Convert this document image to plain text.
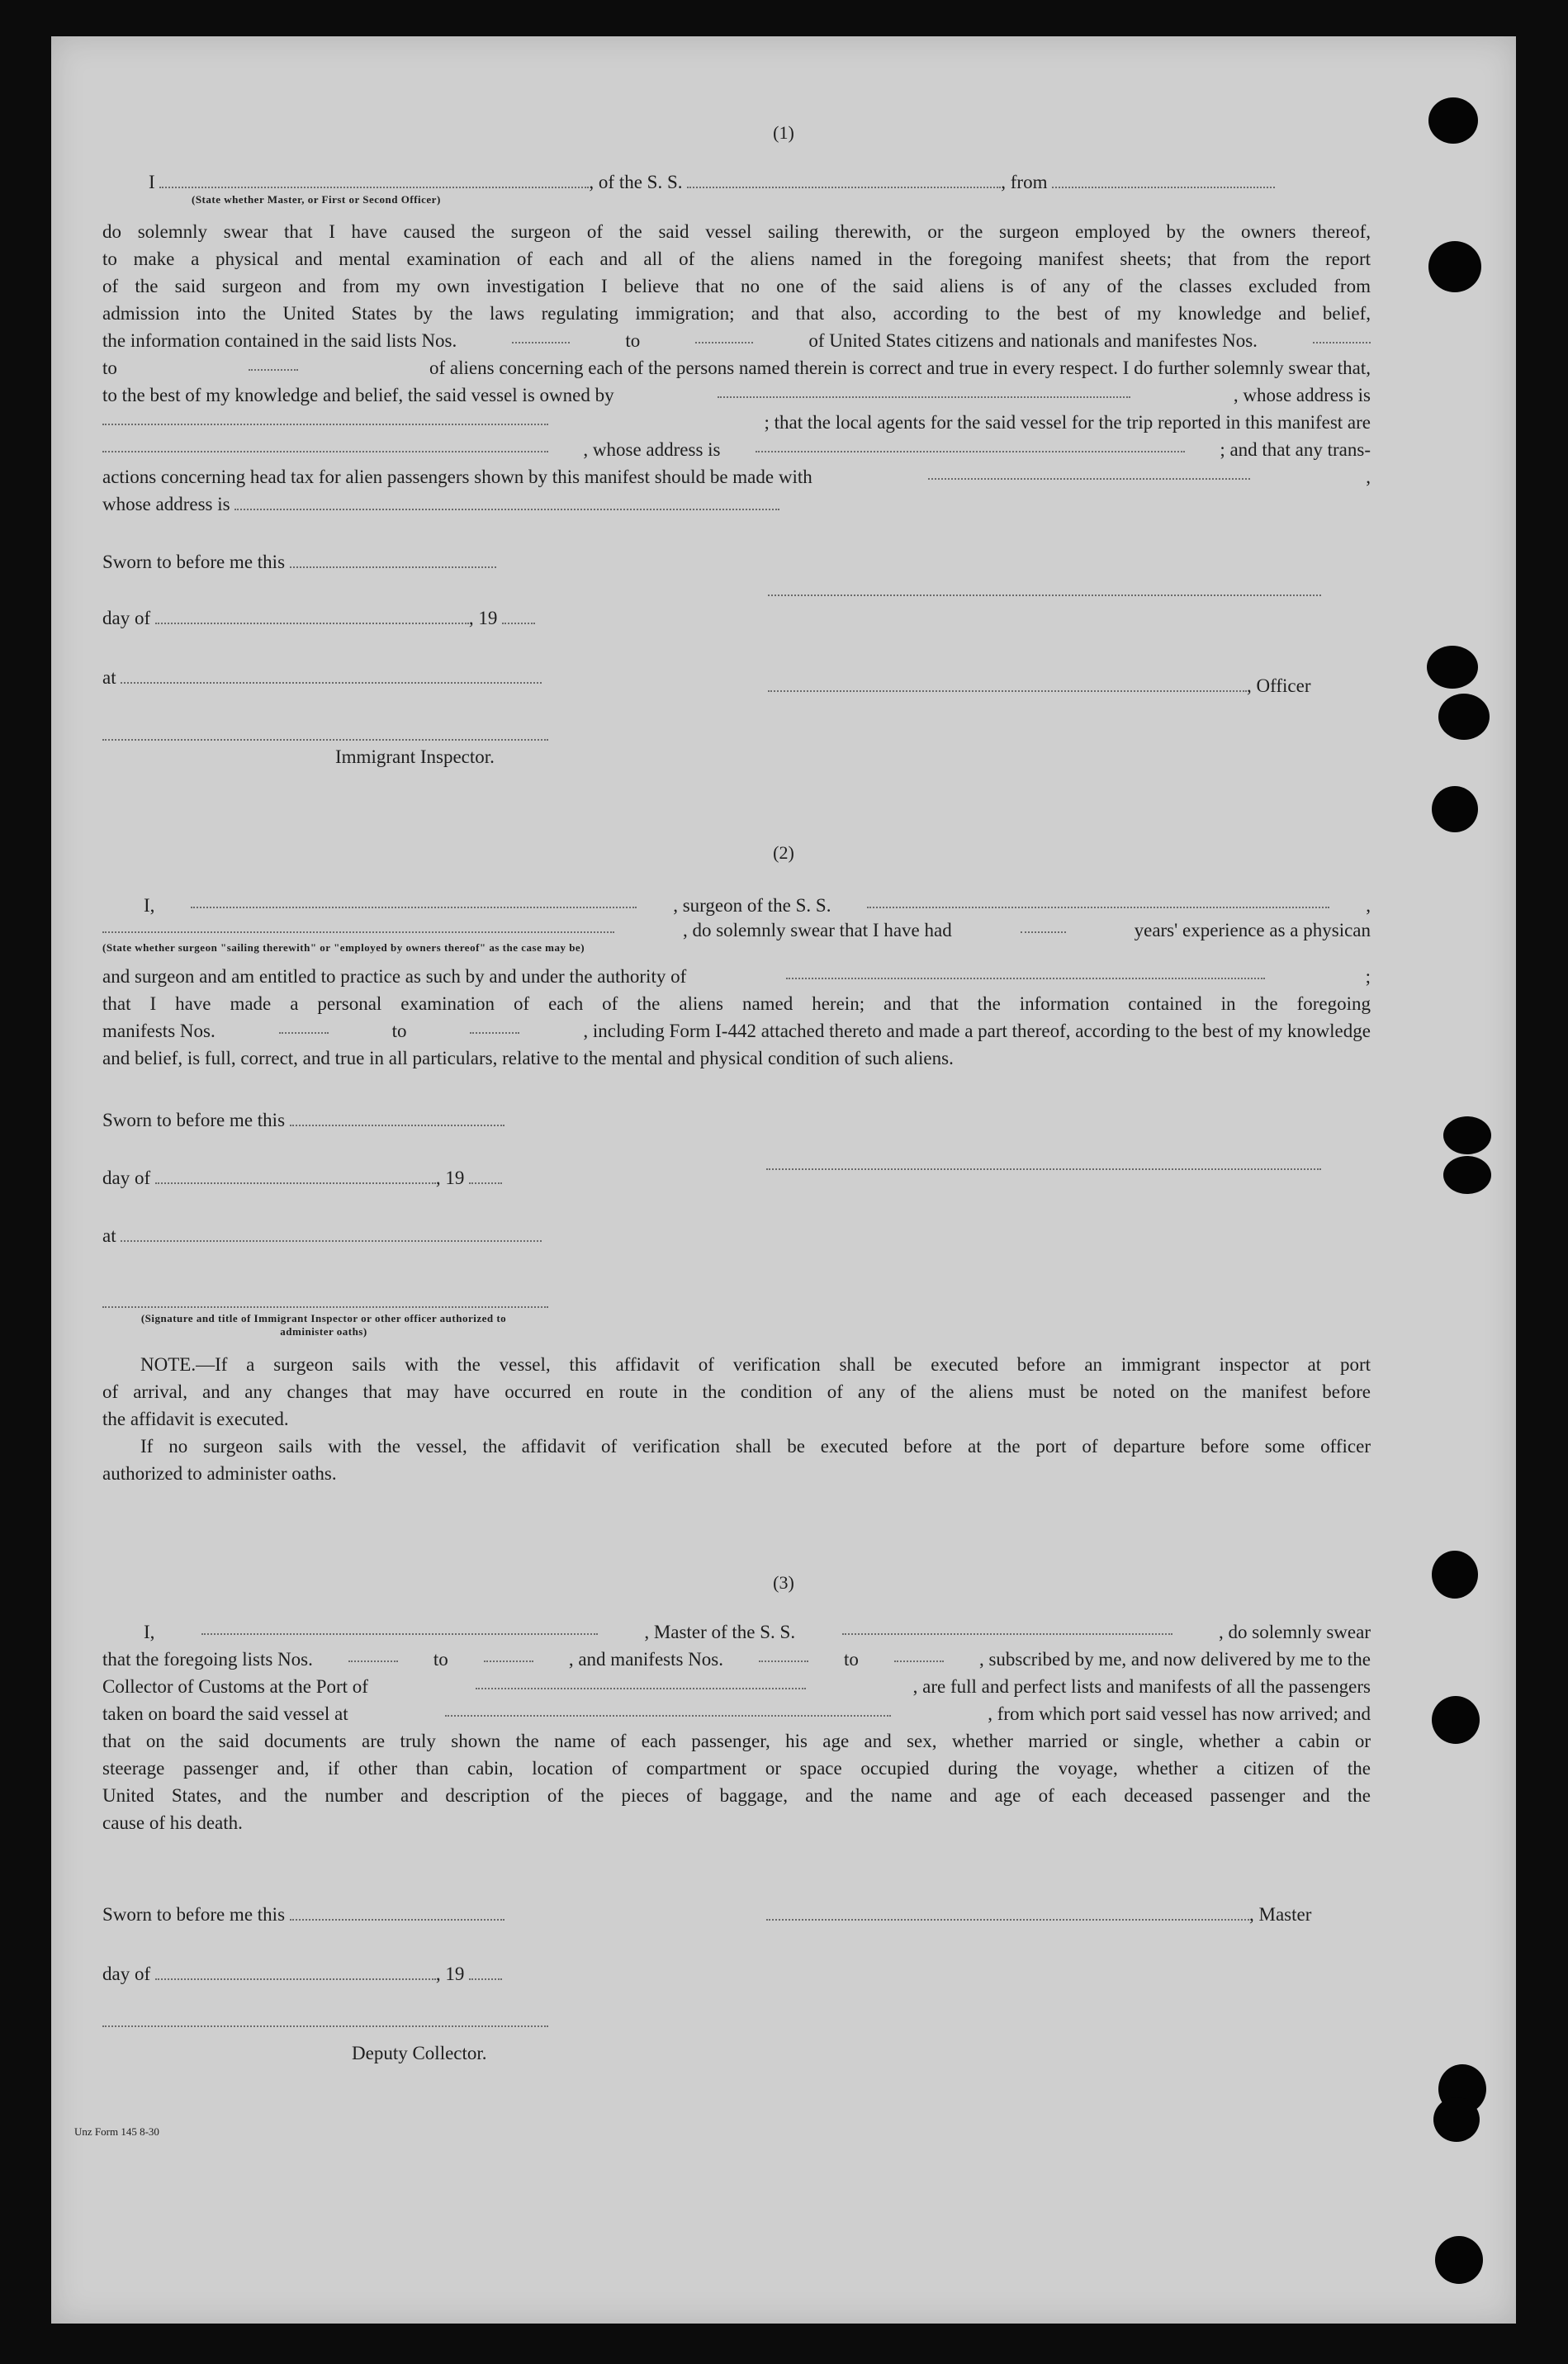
(1)
I	, of the S. S.	, from
(State whether Master, or First or Second Officer)
do solemnly swear that I have caused the surgeon of the said vessel sailing therewith, or the surgeon employed by the owners thereof,
to make a physical and mental examination of each and all of the aliens named in the foregoing manifest sheets; that from the report
of the said surgeon and from my own investigation I believe that no one of the said aliens is of any of the classes excluded from
admission into the United States by the laws regulating immigration; and that also, according to the best of my knowledge and belief,
the information contained in the said lists Nos.	to	of United States citizens and nationals and manifestes Nos.
to	of aliens concerning each of the persons named therein is correct and true in every respect. I do further solemnly swear that,
to the best of my knowledge and belief, the said vessel is owned by	, whose address is
; that the local agents for the said vessel for the trip reported in this manifest are
, whose address is	; and that any trans-
actions concerning head tax for alien passengers shown by this manifest should be made with	,
whose address is
Sworn to before me this
day of	, 19
at	, Officer
Immigrant Inspector.
(2)
I,	, surgeon of the S. S.	,
, do solemnly swear that I have had	years' experience as a physican
(State whether surgeon "sailing therewith" or "employed by owners thereof" as the case may be)
and surgeon and am entitled to practice as such by and under the authority of	;
that I have made a personal examination of each of the aliens named herein; and that the information contained in the foregoing
manifests Nos.	to	, including Form I-442 attached thereto and made a part thereof, according to the best of my knowledge
and belief, is full, correct, and true in all particulars, relative to the mental and physical condition of such aliens.
Sworn to before me this
day of	, 19
at
(Signature and title of Immigrant Inspector or other officer authorized to administer oaths)
NOTE.—If a surgeon sails with the vessel, this affidavit of verification shall be executed before an immigrant inspector at port
of arrival, and any changes that may have occurred en route in the condition of any of the aliens must be noted on the manifest before
the affidavit is executed.
If no surgeon sails with the vessel, the affidavit of verification shall be executed before at the port of departure before some officer
authorized to administer oaths.
(3)
I,	, Master of the S. S.	, do solemnly swear
that the foregoing lists Nos.	to	, and manifests Nos.	to	, subscribed by me, and now delivered by me to the
Collector of Customs at the Port of	, are full and perfect lists and manifests of all the passengers
taken on board the said vessel at	, from which port said vessel has now arrived; and
that on the said documents are truly shown the name of each passenger, his age and sex, whether married or single, whether a cabin or
steerage passenger and, if other than cabin, location of compartment or space occupied during the voyage, whether a citizen of the
United States, and the number and description of the pieces of baggage, and the name and age of each deceased passenger and the
cause of his death.
Sworn to before me this	, Master
day of	, 19
Deputy Collector.
Unz Form 145 8-30
